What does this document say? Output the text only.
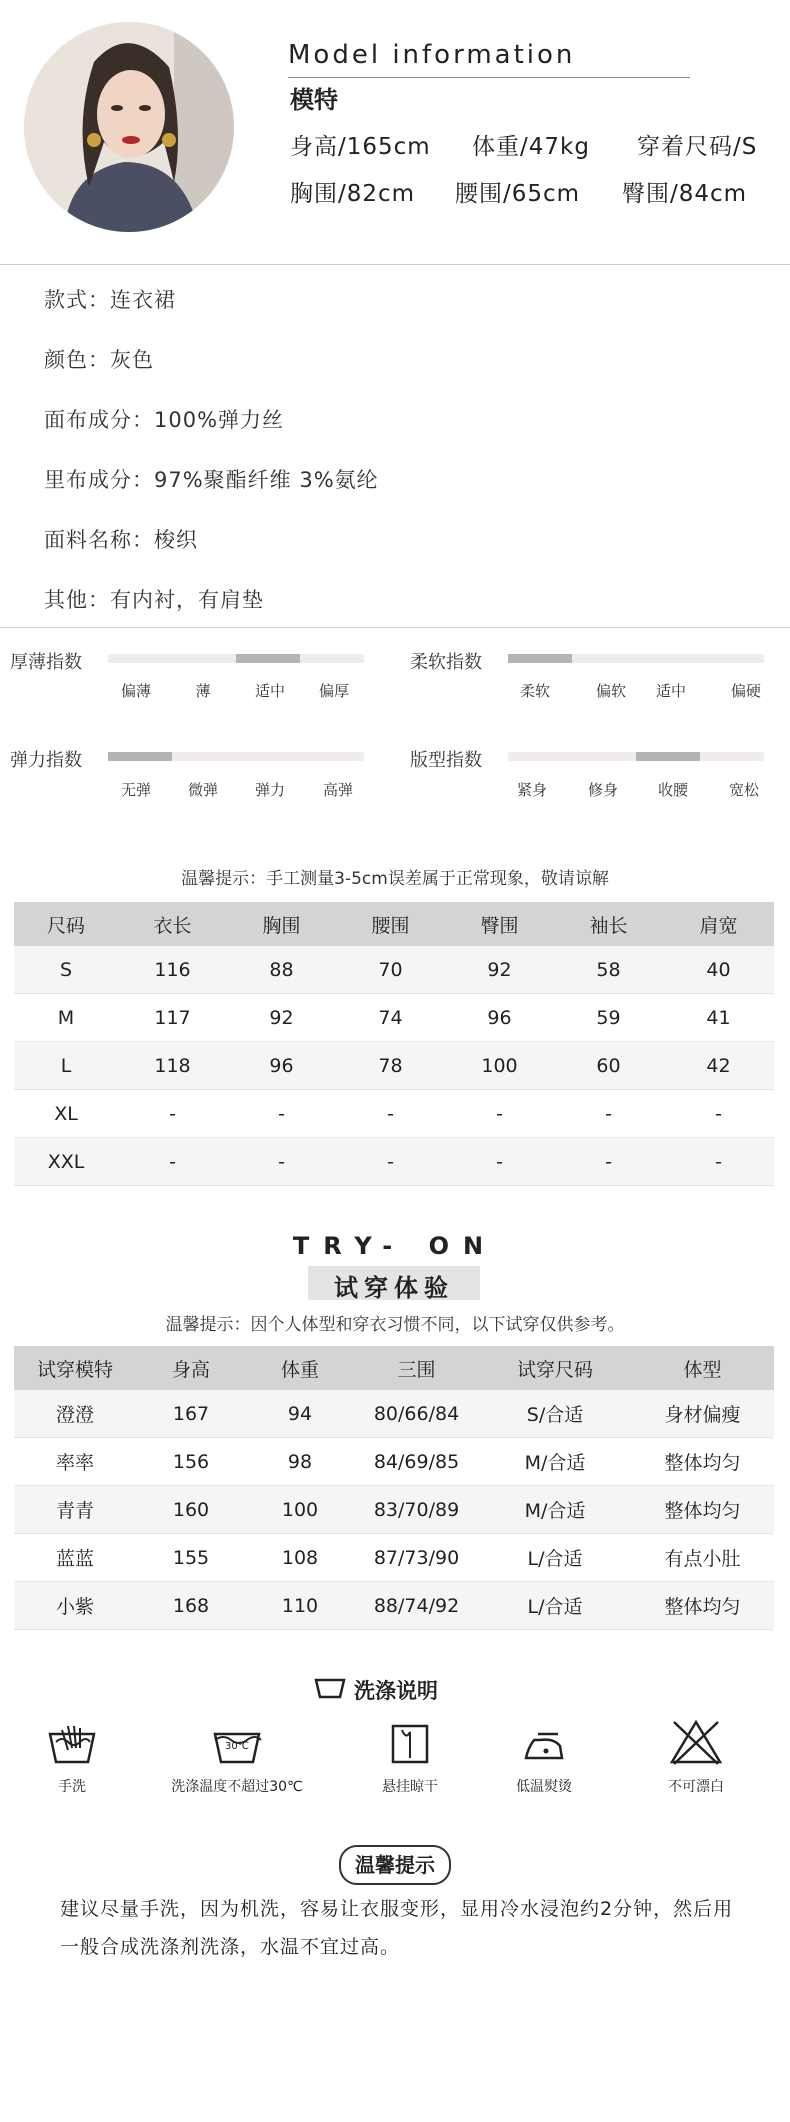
Model information
模特
身高/165cm 体重/47kg 穿着尺码/S
胸围/82cm 腰围/65cm 臀围/84cm
款式：连衣裙
颜色：灰色
面布成分：100%弹力丝
里布成分：97%聚酯纤维 3%氨纶
面料名称：梭织
其他：有内衬，有肩垫
厚薄指数
偏薄	薄	适中	偏厚
柔软指数
柔软	偏软	适中	偏硬
弹力指数
无弹	微弹	弹力	高弹
版型指数
紧身	修身	收腰	宽松
温馨提示：手工测量3-5cm误差属于正常现象，敬请谅解
尺码	衣长	胸围	腰围	臀围	袖长	肩宽
S	116	88	70	92	58	40
M	117	92	74	96	59	41
L	118	96	78	100	60	42
XL	-	-	-	-	-	-
XXL	-	-	-	-	-	-
TRY- ON
试穿体验
温馨提示：因个人体型和穿衣习惯不同，以下试穿仅供参考。
试穿模特	身高	体重	三围	试穿尺码	体型
澄澄	167	94	80/66/84	S/合适	身材偏瘦
率率	156	98	84/69/85	M/合适	整体均匀
青青	160	100	83/70/89	M/合适	整体均匀
蓝蓝	155	108	87/73/90	L/合适	有点小肚
小紫	168	110	88/74/92	L/合适	整体均匀
洗涤说明
手洗
30℃
洗涤温度不超过30℃	悬挂晾干	低温熨烫	不可漂白
温馨提示
建议尽量手洗，因为机洗，容易让衣服变形，显用冷水浸泡约2分钟，然后用一般合成洗涤剂洗涤，水温不宜过高。
